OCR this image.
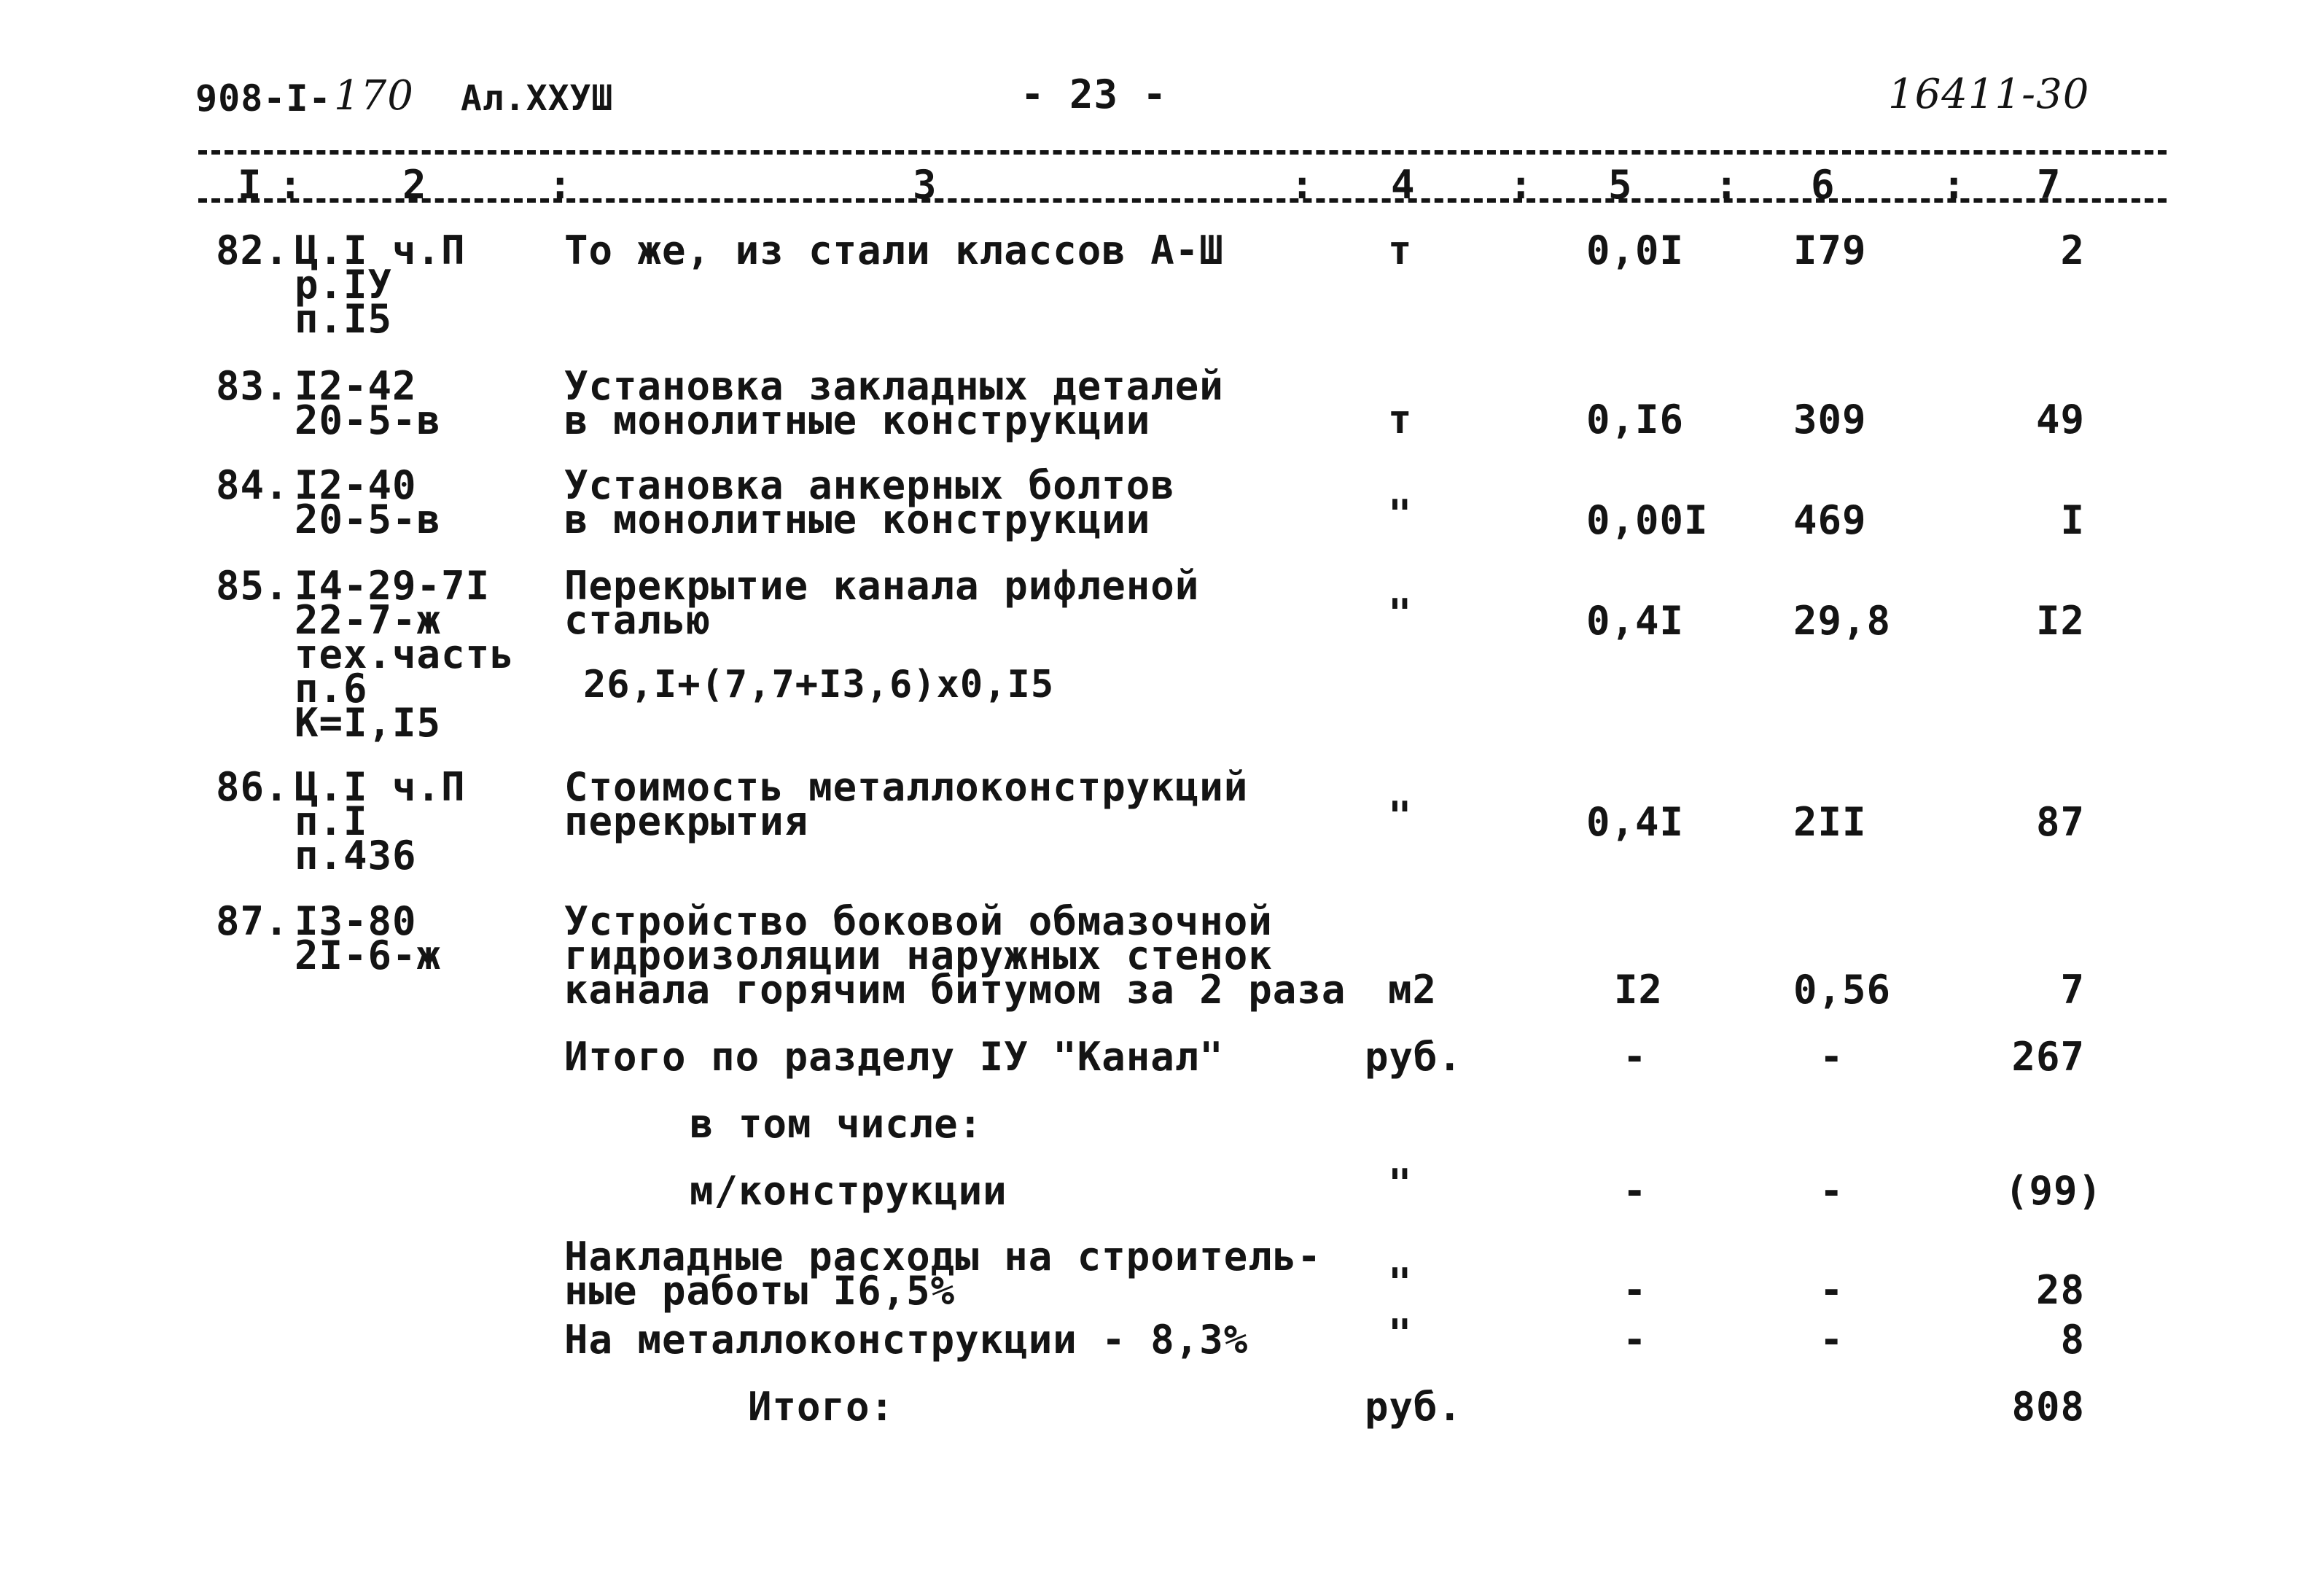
908-I- 170 Ал.XXУШ	- 23 -	16411-30
I :	2	:	3	: 4 : 5 : 6	: 7
82. Ц.I ч.П
р.IУ
п.I5
То же, из стали классов А-Ш	т	0,0I	I79	2
83. I2-42
20-5-в
Установка закладных деталей
в монолитные конструкции	т	0,I6	309	49
84. I2-40
20-5-в
Установка анкерных болтов
в монолитные конструкции	"	0,00I 469	I
85. I4-29-7I
22-7-ж
тех.часть
п.6
К=I,I5
Перекрытие канала рифленой
сталью
26,I+(7,7+I3,6)x0,I5
"	0,4I	29,8	I2
86. Ц.I ч.П
п.I
п.436
Стоимость металлоконструкций
перекрытия	"	0,4I	2II	87
87. I3-80
2I-6-ж
Устройство боковой обмазочной
гидроизоляции наружных стенок
канала горячим битумом за 2 раза м2	I2	0,56	7
Итого по разделу IУ "Канал"	руб.	-	-	267
в том числе:
м/конструкции	"	-	-	(99)
Накладные расходы на строитель-
ные работы I6,5%	"	-	-	28
На металлоконструкции - 8,3%	"	-	-	8
Итого:	руб.	808
